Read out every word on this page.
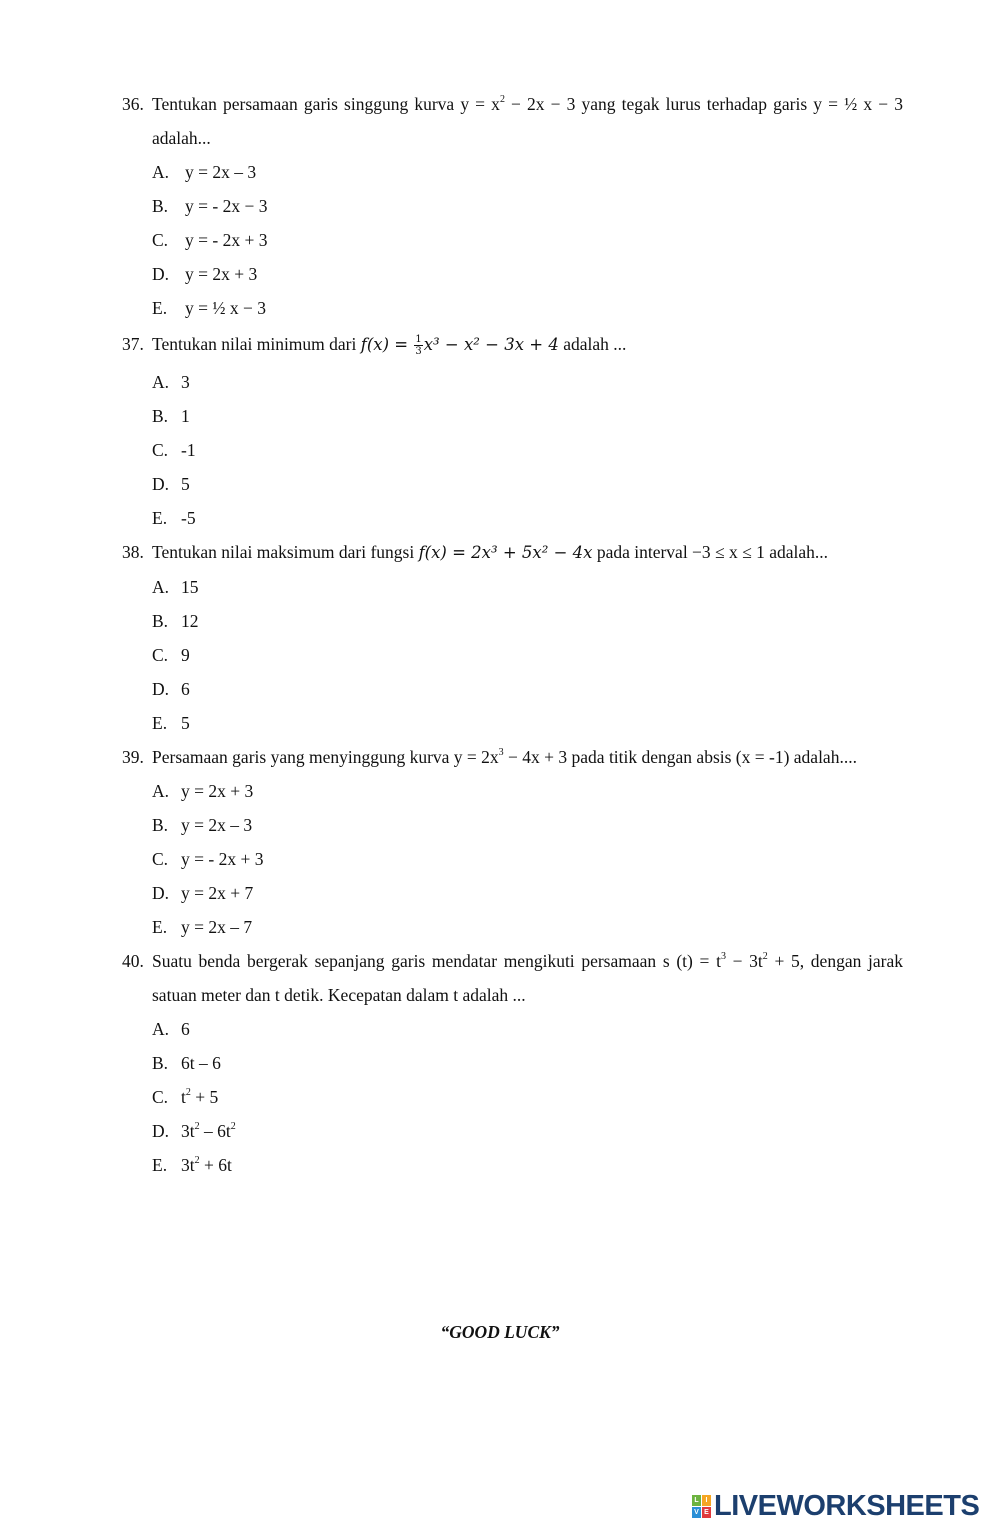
36. Tentukan persamaan garis singgung kurva $y = x^2 - 2x - 3$ yang tegak lurus terhadap garis y = ½ x − 3 adalah...
A. y = 2x – 3
B. y = - 2x − 3
C. y = - 2x + 3
D. y = 2x + 3
E.	y = ½ x − 3
37. Tentukan nilai minimum dari $f(x) = \frac{1}{3} x^3 - x^2 - 3x + 4$ adalah ...
A. 3
B. 1
C. -1
D. 5
E. -5
38. Tentukan nilai maksimum dari fungsi f(x) = 2x³ + 5x² − 4x pada interval −3 ≤ x ≤ 1 adalah...
A. 15
B. 12
C. 9
D. 6
E. 5
39. Persamaan garis yang menyinggung kurva $y = 2x^3 - 4x + 3$ pada titik dengan absis (x = -1) adalah....
A. y = 2x + 3
B. y = 2x – 3
C. y = - 2x + 3
D. y = 2x + 7
E. y = 2x – 7
40. Suatu benda bergerak sepanjang garis mendatar mengikuti persamaan s $(t) = t^3 - 3t^2 + 5$, dengan jarak satuan meter dan t detik. Kecepatan dalam t adalah ...
A. 6
B. 6t – 6
C. $t^2 + 5$
D. $3t^2 - 6t^2$
E. $3t^2 + 6t$
“GOOD LUCK”
L I
V E LIVEWORKSHEETS
